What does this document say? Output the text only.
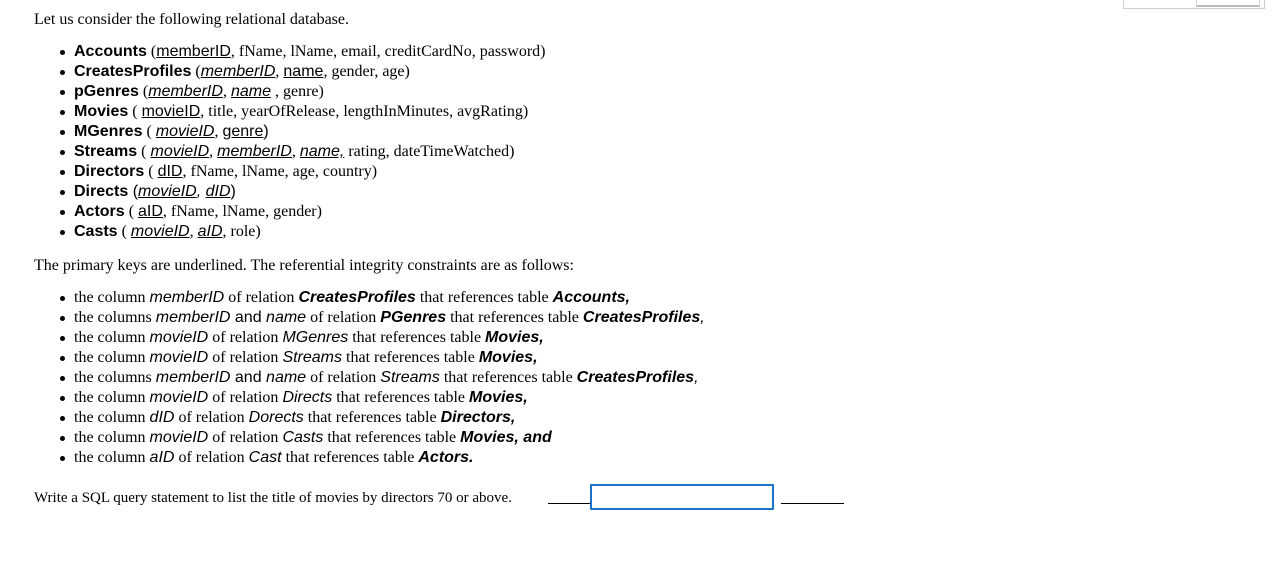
Let us consider the following relational database.

Accounts (memberID, fName, lName, email, creditCardNo, password)
CreatesProfiles (memberID, name, gender, age)
pGenres (memberID, name , genre)
Movies ( movieID, title, yearOfRelease, lengthInMinutes, avgRating)
MGenres ( movieID, genre)
Streams ( movieID, memberID, name, rating, dateTimeWatched)
Directors ( dID, fName, lName, age, country)
Directs (movieID, dID)
Actors ( aID, fName, lName, gender)
Casts ( movieID, aID, role)

The primary keys are underlined. The referential integrity constraints are as follows:

the column memberID of relation CreatesProfiles that references table Accounts,
the columns memberID and name of relation PGenres that references table CreatesProfiles,
the column movieID of relation MGenres that references table Movies,
the column movieID of relation Streams that references table Movies,
the columns memberID and name of relation Streams that references table CreatesProfiles,
the column movieID of relation Directs that references table Movies,
the column dID of relation Dorects that references table Directors,
the column movieID of relation Casts that references table Movies, and
the column aID of relation Cast that references table Actors.
Write a SQL query statement to list the title of movies by directors 70 or above.
